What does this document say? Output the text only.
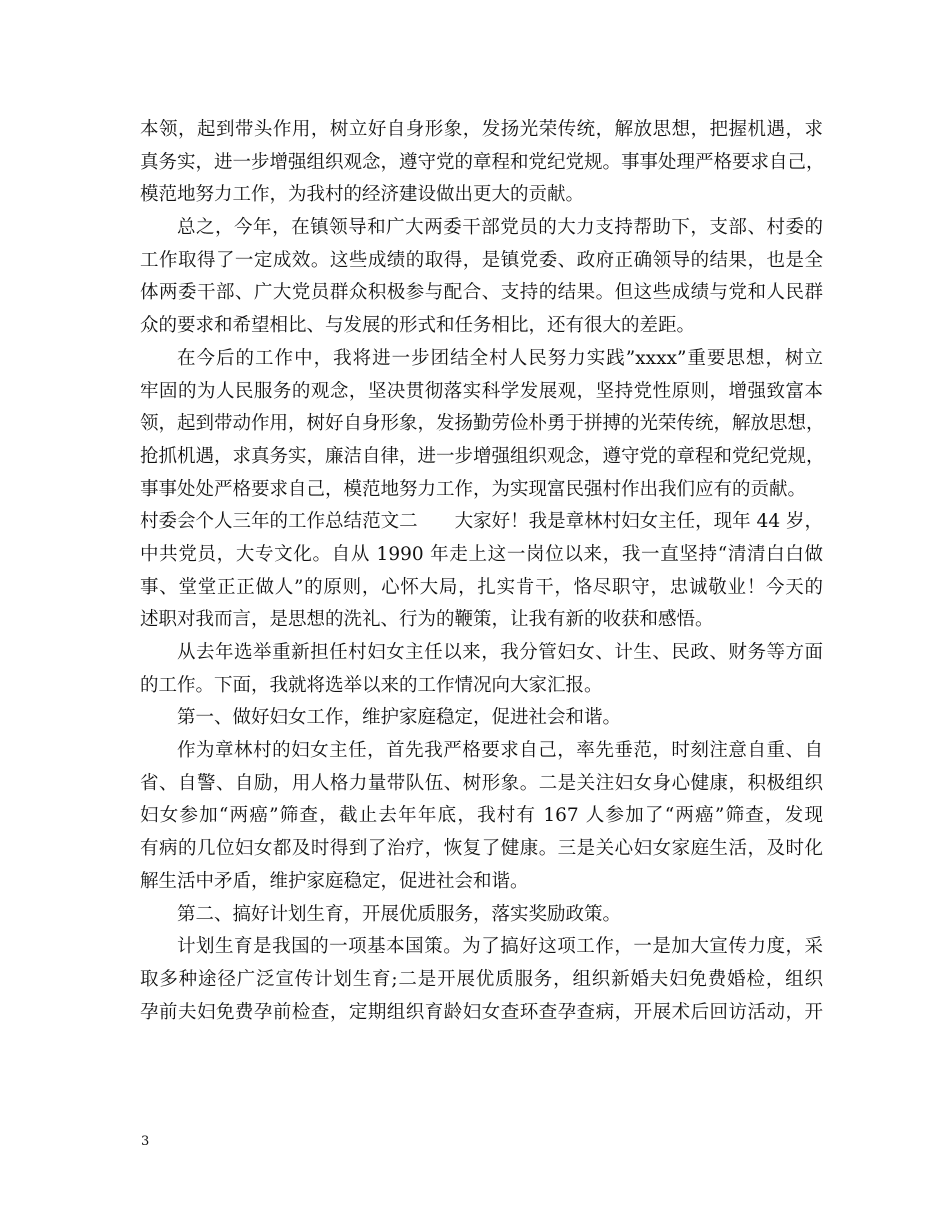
本领，起到带头作用，树立好自身形象，发扬光荣传统，解放思想，把握机遇，求
真务实，进一步增强组织观念，遵守党的章程和党纪党规。事事处理严格要求自己，
模范地努力工作，为我村的经济建设做出更大的贡献。
总之，今年，在镇领导和广大两委干部党员的大力支持帮助下，支部、村委的
工作取得了一定成效。这些成绩的取得，是镇党委、政府正确领导的结果，也是全
体两委干部、广大党员群众积极参与配合、支持的结果。但这些成绩与党和人民群
众的要求和希望相比、与发展的形式和任务相比，还有很大的差距。
在今后的工作中，我将进一步团结全村人民努力实践”xxxx”重要思想，树立
牢固的为人民服务的观念，坚决贯彻落实科学发展观，坚持党性原则，增强致富本
领，起到带动作用，树好自身形象，发扬勤劳俭朴勇于拼搏的光荣传统，解放思想，
抢抓机遇，求真务实，廉洁自律，进一步增强组织观念，遵守党的章程和党纪党规，
事事处处严格要求自己，模范地努力工作，为实现富民强村作出我们应有的贡献。
村委会个人三年的工作总结范文二　　大家好！我是章林村妇女主任，现年 44 岁，
中共党员，大专文化。自从 1990 年走上这一岗位以来，我一直坚持“清清白白做
事、堂堂正正做人”的原则，心怀大局，扎实肯干，恪尽职守，忠诚敬业！今天的
述职对我而言，是思想的洗礼、行为的鞭策，让我有新的收获和感悟。
从去年选举重新担任村妇女主任以来，我分管妇女、计生、民政、财务等方面
的工作。下面，我就将选举以来的工作情况向大家汇报。
第一、做好妇女工作，维护家庭稳定，促进社会和谐。
作为章林村的妇女主任，首先我严格要求自己，率先垂范，时刻注意自重、自
省、自警、自励，用人格力量带队伍、树形象。二是关注妇女身心健康，积极组织
妇女参加“两癌”筛查，截止去年年底，我村有 167 人参加了“两癌”筛查，发现
有病的几位妇女都及时得到了治疗，恢复了健康。三是关心妇女家庭生活，及时化
解生活中矛盾，维护家庭稳定，促进社会和谐。
第二、搞好计划生育，开展优质服务，落实奖励政策。
计划生育是我国的一项基本国策。为了搞好这项工作，一是加大宣传力度，采
取多种途径广泛宣传计划生育;二是开展优质服务，组织新婚夫妇免费婚检，组织
孕前夫妇免费孕前检查，定期组织育龄妇女查环查孕查病，开展术后回访活动，开
3
